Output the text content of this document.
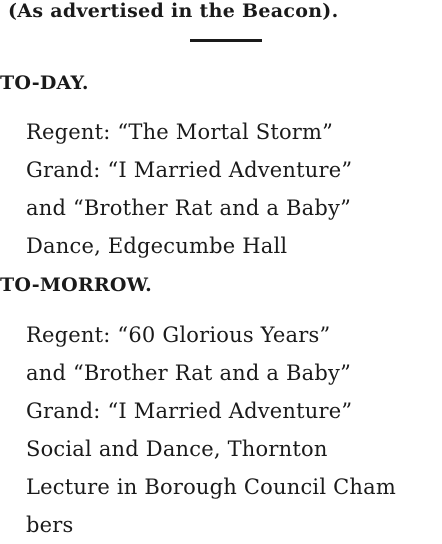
(As advertised in the Beacon).
TO-DAY.
Regent: “The Mortal Storm”
Grand: “I Married Adventure”
and “Brother Rat and a Baby”
Dance, Edgecumbe Hall
TO-MORROW.
Regent: “60 Glorious Years”
and “Brother Rat and a Baby”
Grand: “I Married Adventure”
Social and Dance, Thornton
Lecture in Borough Council Cham
bers
